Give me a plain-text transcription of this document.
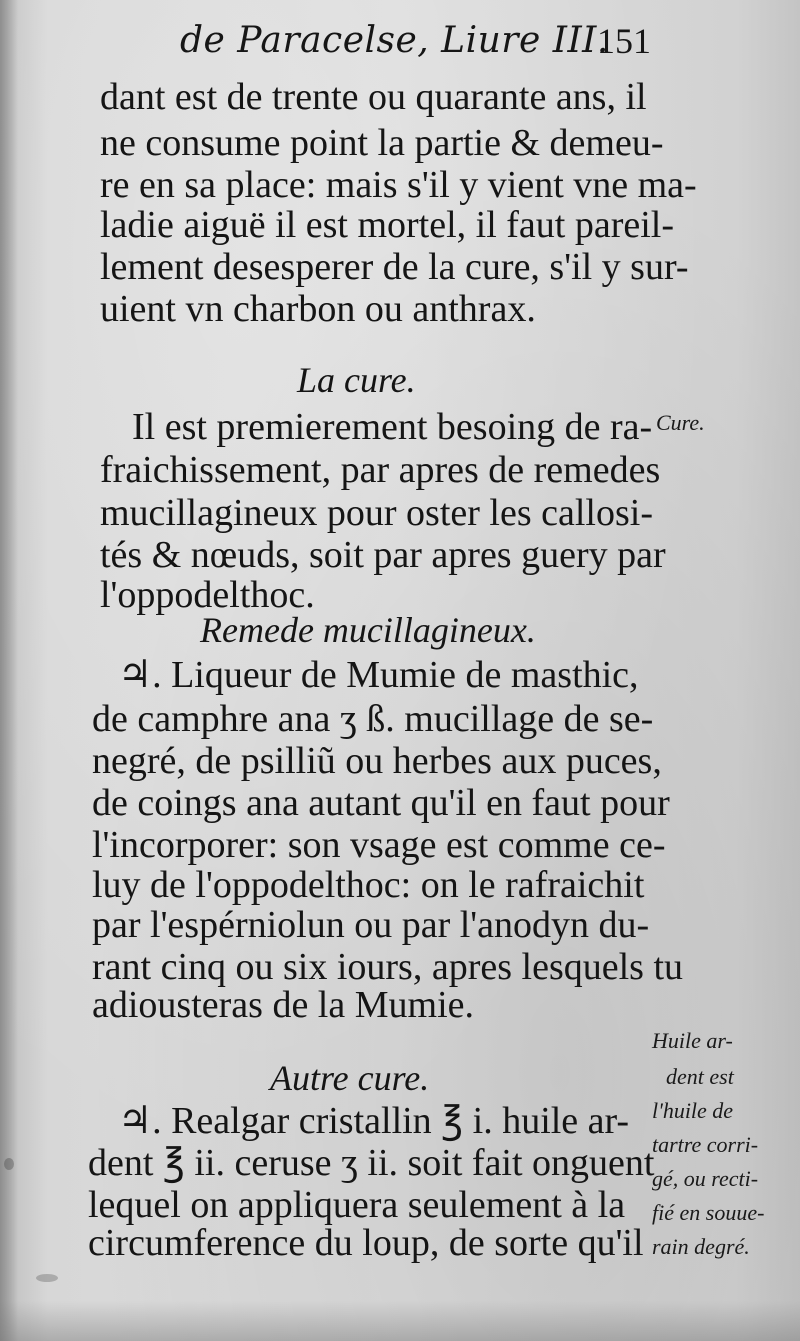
de Paracelse, Liure III.
151
dant est de trente ou quarante ans, il
ne consume point la partie & demeu-
re en sa place: mais s'il y vient vne ma-
ladie aiguë il est mortel, il faut pareil-
lement desesperer de la cure, s'il y sur-
uient vn charbon ou anthrax.
La cure.
Il est premierement besoing de ra-
fraichissement, par apres de remedes
mucillagineux pour oster les callosi-
tés & nœuds, soit par apres guery par
l'oppodelthoc.
Remede mucillagineux.
♃. Liqueur de Mumie de masthic,
de camphre ana ʒ ß. mucillage de se-
negré, de psilliũ ou herbes aux puces,
de coings ana autant qu'il en faut pour
l'incorporer: son vsage est comme ce-
luy de l'oppodelthoc: on le rafraichit
par l'espérniolun ou par l'anodyn du-
rant cinq ou six iours, apres lesquels tu
adiousteras de la Mumie.
Autre cure.
♃. Realgar cristallin ℥ i. huile ar-
dent ℥ ii. ceruse ʒ ii. soit fait onguent
lequel on appliquera seulement à la
circumference du loup, de sorte qu'il
Cure.
Huile ar-
dent est
l'huile de
tartre corri-
gé, ou recti-
fié en souue-
rain degré.
